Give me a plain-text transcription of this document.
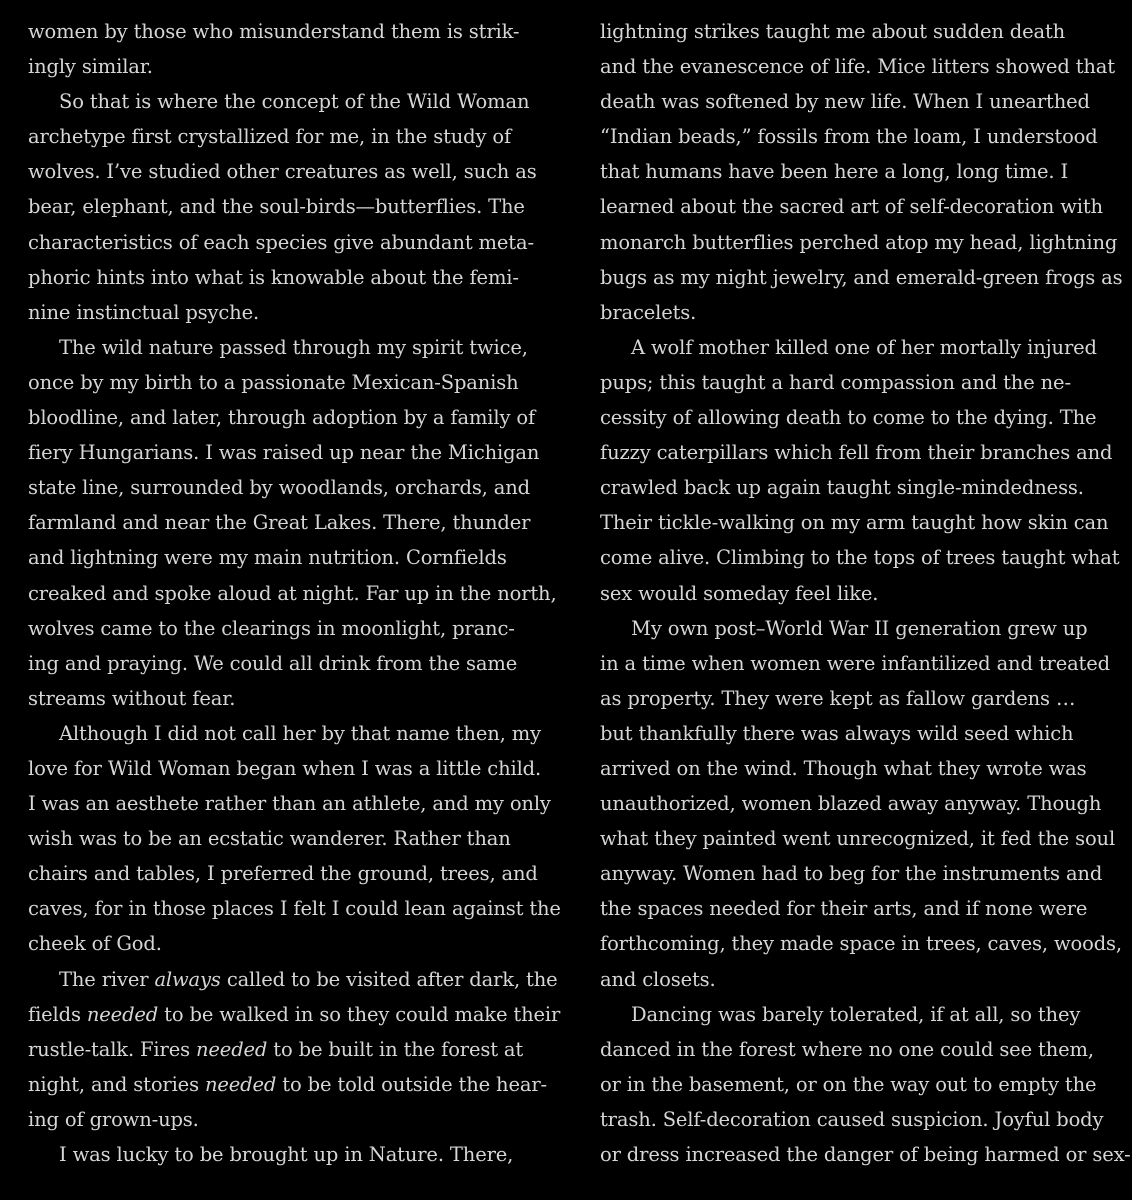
women by those who misunderstand them is strik-
ingly similar.
So that is where the concept of the Wild Woman
archetype first crystallized for me, in the study of
wolves. I’ve studied other creatures as well, such as
bear, elephant, and the soul-birds—butterflies. The
characteristics of each species give abundant meta-
phoric hints into what is knowable about the femi-
nine instinctual psyche.
The wild nature passed through my spirit twice,
once by my birth to a passionate Mexican-Spanish
bloodline, and later, through adoption by a family of
fiery Hungarians. I was raised up near the Michigan
state line, surrounded by woodlands, orchards, and
farmland and near the Great Lakes. There, thunder
and lightning were my main nutrition. Cornfields
creaked and spoke aloud at night. Far up in the north,
wolves came to the clearings in moonlight, pranc-
ing and praying. We could all drink from the same
streams without fear.
Although I did not call her by that name then, my
love for Wild Woman began when I was a little child.
I was an aesthete rather than an athlete, and my only
wish was to be an ecstatic wanderer. Rather than
chairs and tables, I preferred the ground, trees, and
caves, for in those places I felt I could lean against the
cheek of God.
The river always called to be visited after dark, the
fields needed to be walked in so they could make their
rustle-talk. Fires needed to be built in the forest at
night, and stories needed to be told outside the hear-
ing of grown-ups.
I was lucky to be brought up in Nature. There,
lightning strikes taught me about sudden death
and the evanescence of life. Mice litters showed that
death was softened by new life. When I unearthed
“Indian beads,” fossils from the loam, I understood
that humans have been here a long, long time. I
learned about the sacred art of self-decoration with
monarch butterflies perched atop my head, lightning
bugs as my night jewelry, and emerald-green frogs as
bracelets.
A wolf mother killed one of her mortally injured
pups; this taught a hard compassion and the ne-
cessity of allowing death to come to the dying. The
fuzzy caterpillars which fell from their branches and
crawled back up again taught single-mindedness.
Their tickle-walking on my arm taught how skin can
come alive. Climbing to the tops of trees taught what
sex would someday feel like.
My own post–World War II generation grew up
in a time when women were infantilized and treated
as property. They were kept as fallow gardens …
but thankfully there was always wild seed which
arrived on the wind. Though what they wrote was
unauthorized, women blazed away anyway. Though
what they painted went unrecognized, it fed the soul
anyway. Women had to beg for the instruments and
the spaces needed for their arts, and if none were
forthcoming, they made space in trees, caves, woods,
and closets.
Dancing was barely tolerated, if at all, so they
danced in the forest where no one could see them,
or in the basement, or on the way out to empty the
trash. Self-decoration caused suspicion. Joyful body
or dress increased the danger of being harmed or sex-
